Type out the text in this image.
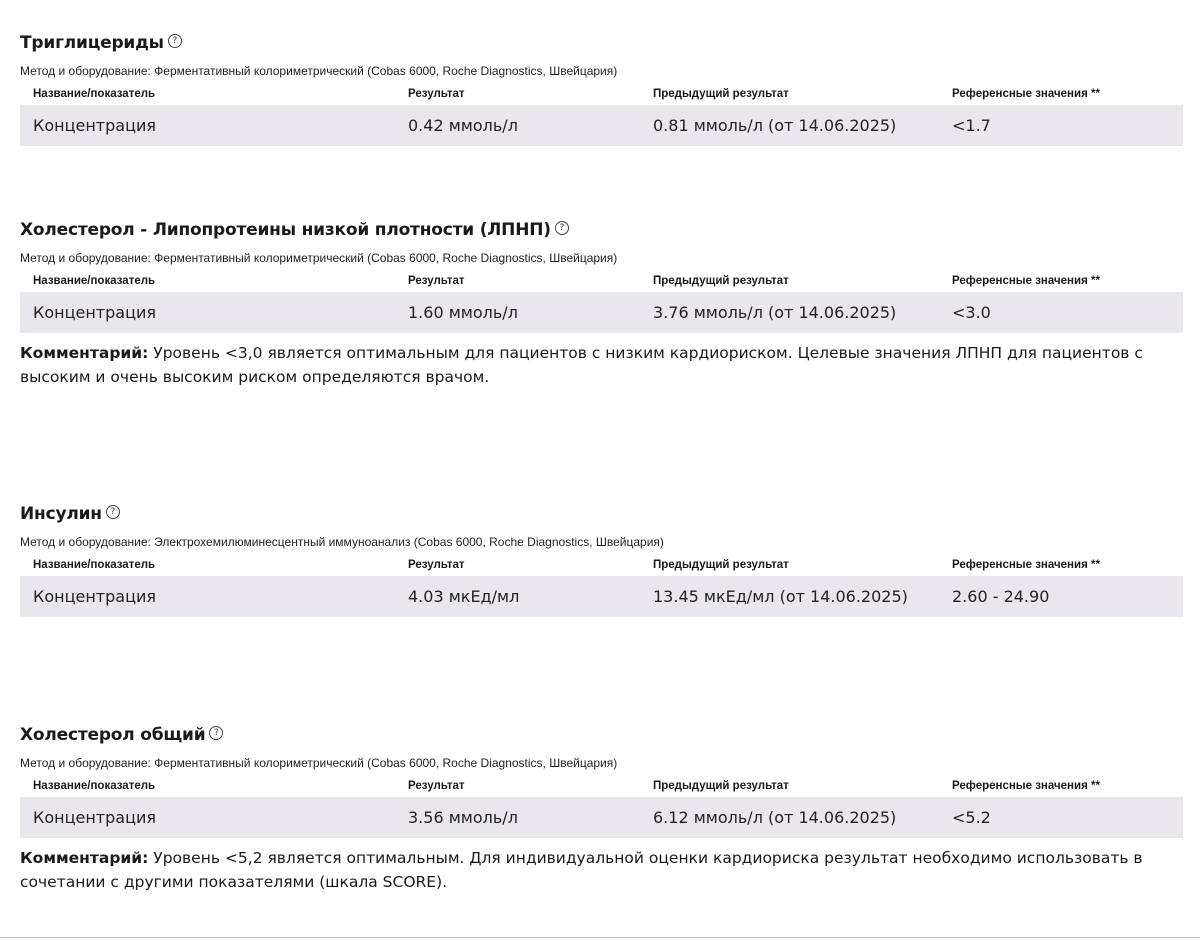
Триглицериды ?
Метод и оборудование: Ферментативный колориметрический (Cobas 6000, Roche Diagnostics, Швейцария)
Название/показатель	Результат	Предыдущий результат	Референсные значения **
Концентрация	0.42 ммоль/л	0.81 ммоль/л (от 14.06.2025)	<1.7
Холестерол - Липопротеины низкой плотности (ЛПНП) ?
Метод и оборудование: Ферментативный колориметрический (Cobas 6000, Roche Diagnostics, Швейцария)
Название/показатель	Результат	Предыдущий результат	Референсные значения **
Концентрация	1.60 ммоль/л	3.76 ммоль/л (от 14.06.2025)	<3.0
Комментарий: Уровень <3,0 является оптимальным для пациентов с низким кардиориском. Целевые значения ЛПНП для пациентов с высоким и очень высоким риском определяются врачом.
Инсулин ?
Метод и оборудование: Электрохемилюминесцентный иммуноанализ (Cobas 6000, Roche Diagnostics, Швейцария)
Название/показатель	Результат	Предыдущий результат	Референсные значения **
Концентрация	4.03 мкЕд/мл	13.45 мкЕд/мл (от 14.06.2025)	2.60 - 24.90
Холестерол общий ?
Метод и оборудование: Ферментативный колориметрический (Cobas 6000, Roche Diagnostics, Швейцария)
Название/показатель	Результат	Предыдущий результат	Референсные значения **
Концентрация	3.56 ммоль/л	6.12 ммоль/л (от 14.06.2025)	<5.2
Комментарий: Уровень <5,2 является оптимальным. Для индивидуальной оценки кардиориска результат необходимо использовать в сочетании с другими показателями (шкала SCORE).
